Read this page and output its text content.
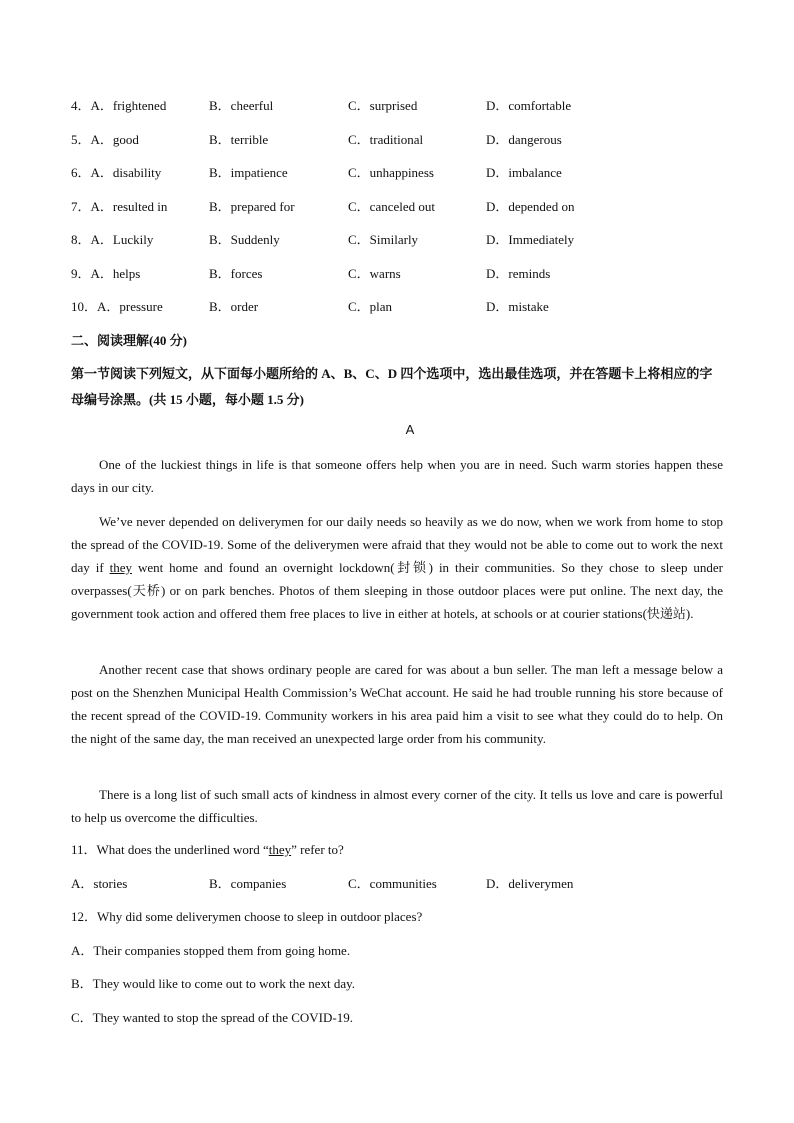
4．A．frightened	B．cheerful	C．surprised	D．comfortable
5．A．good	B．terrible	C．traditional	D．dangerous
6．A．disability	B．impatience	C．unhappiness	D．imbalance
7．A．resulted in	B．prepared for	C．canceled out	D．depended on
8．A．Luckily	B．Suddenly	C．Similarly	D．Immediately
9．A．helps	B．forces	C．warns	D．reminds
10．A．pressure	B．order	C．plan	D．mistake
二、阅读理解(40 分)
第一节阅读下列短文，从下面每小题所给的 A、B、C、D 四个选项中，选出最佳选项，并在答题卡上将相应的字母编号涂黑。(共 15 小题，每小题 1.5 分)
A
One of the luckiest things in life is that someone offers help when you are in need. Such warm stories happen these days in our city.
We’ve never depended on deliverymen for our daily needs so heavily as we do now, when we work from home to stop the spread of the COVID-19. Some of the deliverymen were afraid that they would not be able to come out to work the next day if they went home and found an overnight lockdown(封锁) in their communities. So they chose to sleep under overpasses(天桥) or on park benches. Photos of them sleeping in those outdoor places were put online. The next day, the government took action and offered them free places to live in either at hotels, at schools or at courier stations(快递站).
Another recent case that shows ordinary people are cared for was about a bun seller. The man left a message below a post on the Shenzhen Municipal Health Commission’s WeChat account. He said he had trouble running his store because of the recent spread of the COVID-19. Community workers in his area paid him a visit to see what they could do to help. On the night of the same day, the man received an unexpected large order from his community.
There is a long list of such small acts of kindness in almost every corner of the city. It tells us love and care is powerful to help us overcome the difficulties.
11．What does the underlined word “they” refer to?
A．stories	B．companies	C．communities	D．deliverymen
12．Why did some deliverymen choose to sleep in outdoor places?
A．Their companies stopped them from going home.
B．They would like to come out to work the next day.
C．They wanted to stop the spread of the COVID-19.
